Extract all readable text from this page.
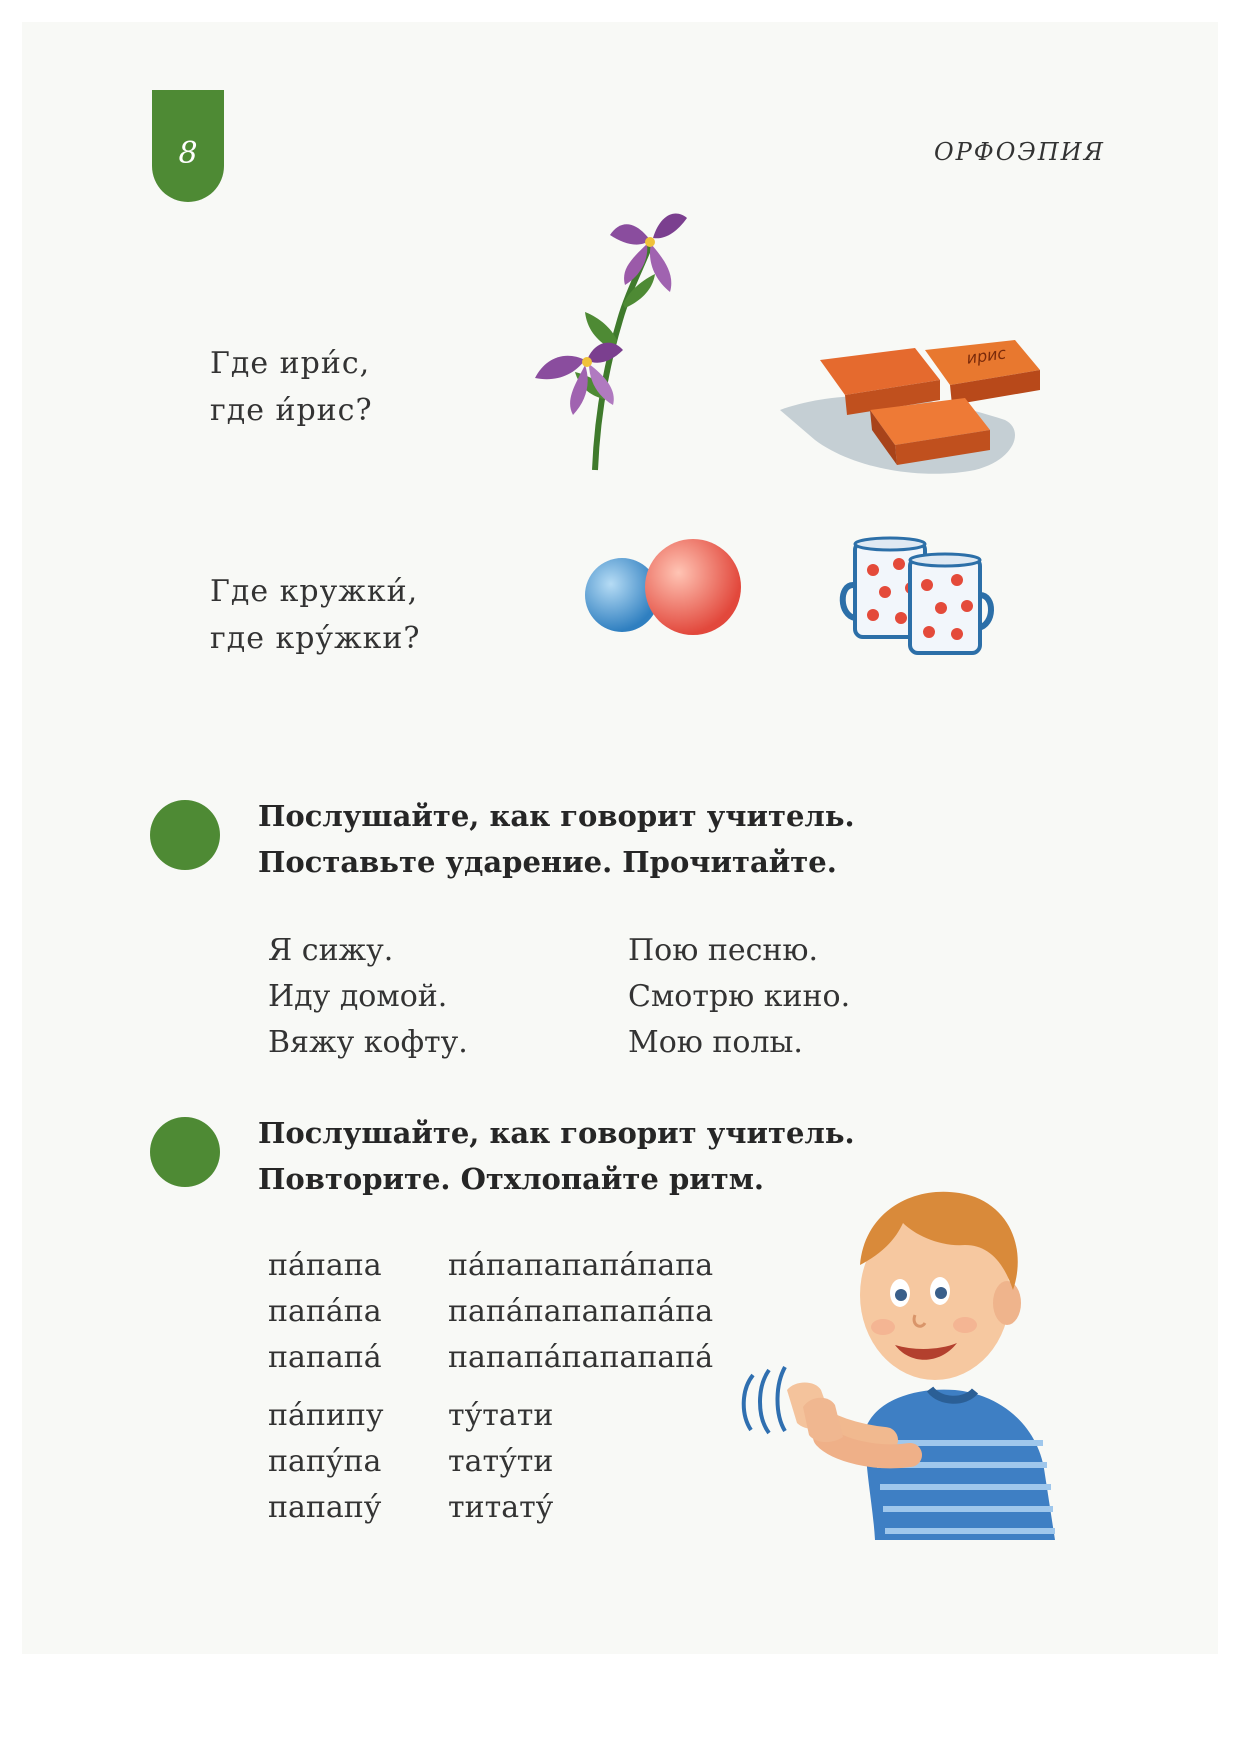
8	ОРФОЭПИЯ
Где ири́с,
где и́рис?
ирис
Где кружки́,
где кру́жки?
Послушайте, как говорит учитель.
Поставьте ударение. Прочитайте.
Я сижу.
Иду домой.
Вяжу кофту.
Пою песню.
Смотрю кино.
Мою полы.
Послушайте, как говорит учитель.
Повторите. Отхлопайте ритм.
па́папа
папа́па
папапа́
па́пипу
папу́па
папапу́
па́папапапа́папа
папа́папапапа́па
папапа́папапапа́
ту́тати
тату́ти
титату́
